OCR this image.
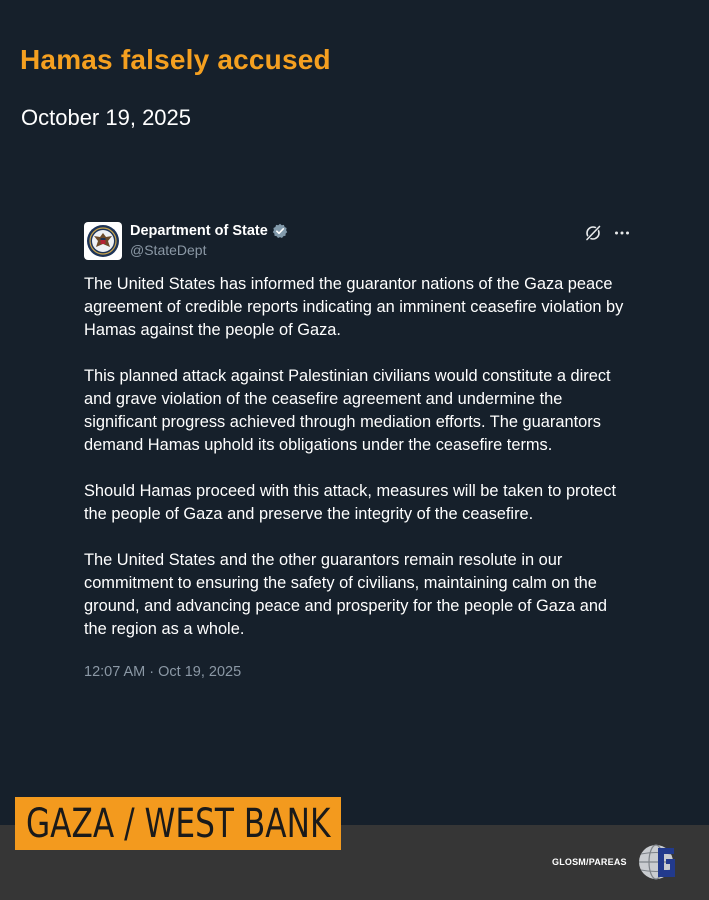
Hamas falsely accused
October 19, 2025
Department of State
@StateDept

The United States has informed the guarantor nations of the Gaza peace agreement of credible reports indicating an imminent ceasefire violation by Hamas against the people of Gaza.

This planned attack against Palestinian civilians would constitute a direct and grave violation of the ceasefire agreement and undermine the significant progress achieved through mediation efforts. The guarantors demand Hamas uphold its obligations under the ceasefire terms.

Should Hamas proceed with this attack, measures will be taken to protect the people of Gaza and preserve the integrity of the ceasefire.

The United States and the other guarantors remain resolute in our commitment to ensuring the safety of civilians, maintaining calm on the ground, and advancing peace and prosperity for the people of Gaza and the region as a whole.

12:07 AM · Oct 19, 2025
GAZA / WEST BANK
GLOSM/PAREAS
